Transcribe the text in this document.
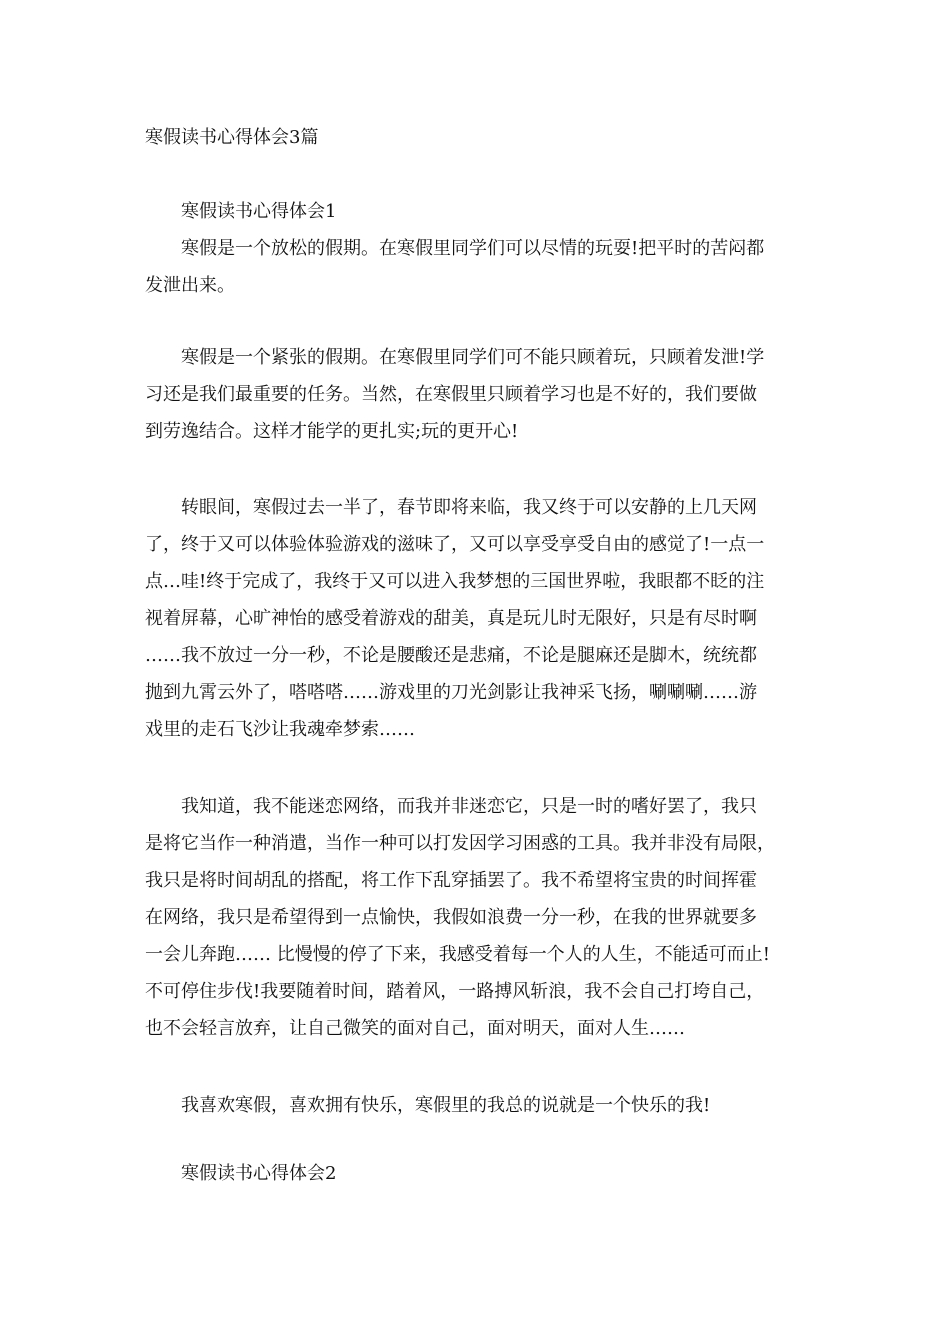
寒假读书心得体会3篇
寒假读书心得体会1

寒假是一个放松的假期。在寒假里同学们可以尽情的玩耍!把平时的苦闷都
发泄出来。

寒假是一个紧张的假期。在寒假里同学们可不能只顾着玩，只顾着发泄!学
习还是我们最重要的任务。当然，在寒假里只顾着学习也是不好的，我们要做
到劳逸结合。这样才能学的更扎实;玩的更开心!

转眼间，寒假过去一半了，春节即将来临，我又终于可以安静的上几天网
了，终于又可以体验体验游戏的滋味了，又可以享受享受自由的感觉了!一点一
点…哇!终于完成了，我终于又可以进入我梦想的三国世界啦，我眼都不眨的注
视着屏幕，心旷神怡的感受着游戏的甜美，真是玩儿时无限好，只是有尽时啊
……我不放过一分一秒，不论是腰酸还是悲痛，不论是腿麻还是脚木，统统都
抛到九霄云外了，嗒嗒嗒……游戏里的刀光剑影让我神采飞扬，唰唰唰……游
戏里的走石飞沙让我魂牵梦索……

我知道，我不能迷恋网络，而我并非迷恋它，只是一时的嗜好罢了，我只
是将它当作一种消遣，当作一种可以打发因学习困惑的工具。我并非没有局限，
我只是将时间胡乱的搭配，将工作下乱穿插罢了。我不希望将宝贵的时间挥霍
在网络，我只是希望得到一点愉快，我假如浪费一分一秒，在我的世界就要多
一会儿奔跑…… 比慢慢的停了下来，我感受着每一个人的人生，不能适可而止!
不可停住步伐!我要随着时间，踏着风，一路搏风斩浪，我不会自己打垮自己，
也不会轻言放弃，让自己微笑的面对自己，面对明天，面对人生……

我喜欢寒假，喜欢拥有快乐，寒假里的我总的说就是一个快乐的我!

寒假读书心得体会2
